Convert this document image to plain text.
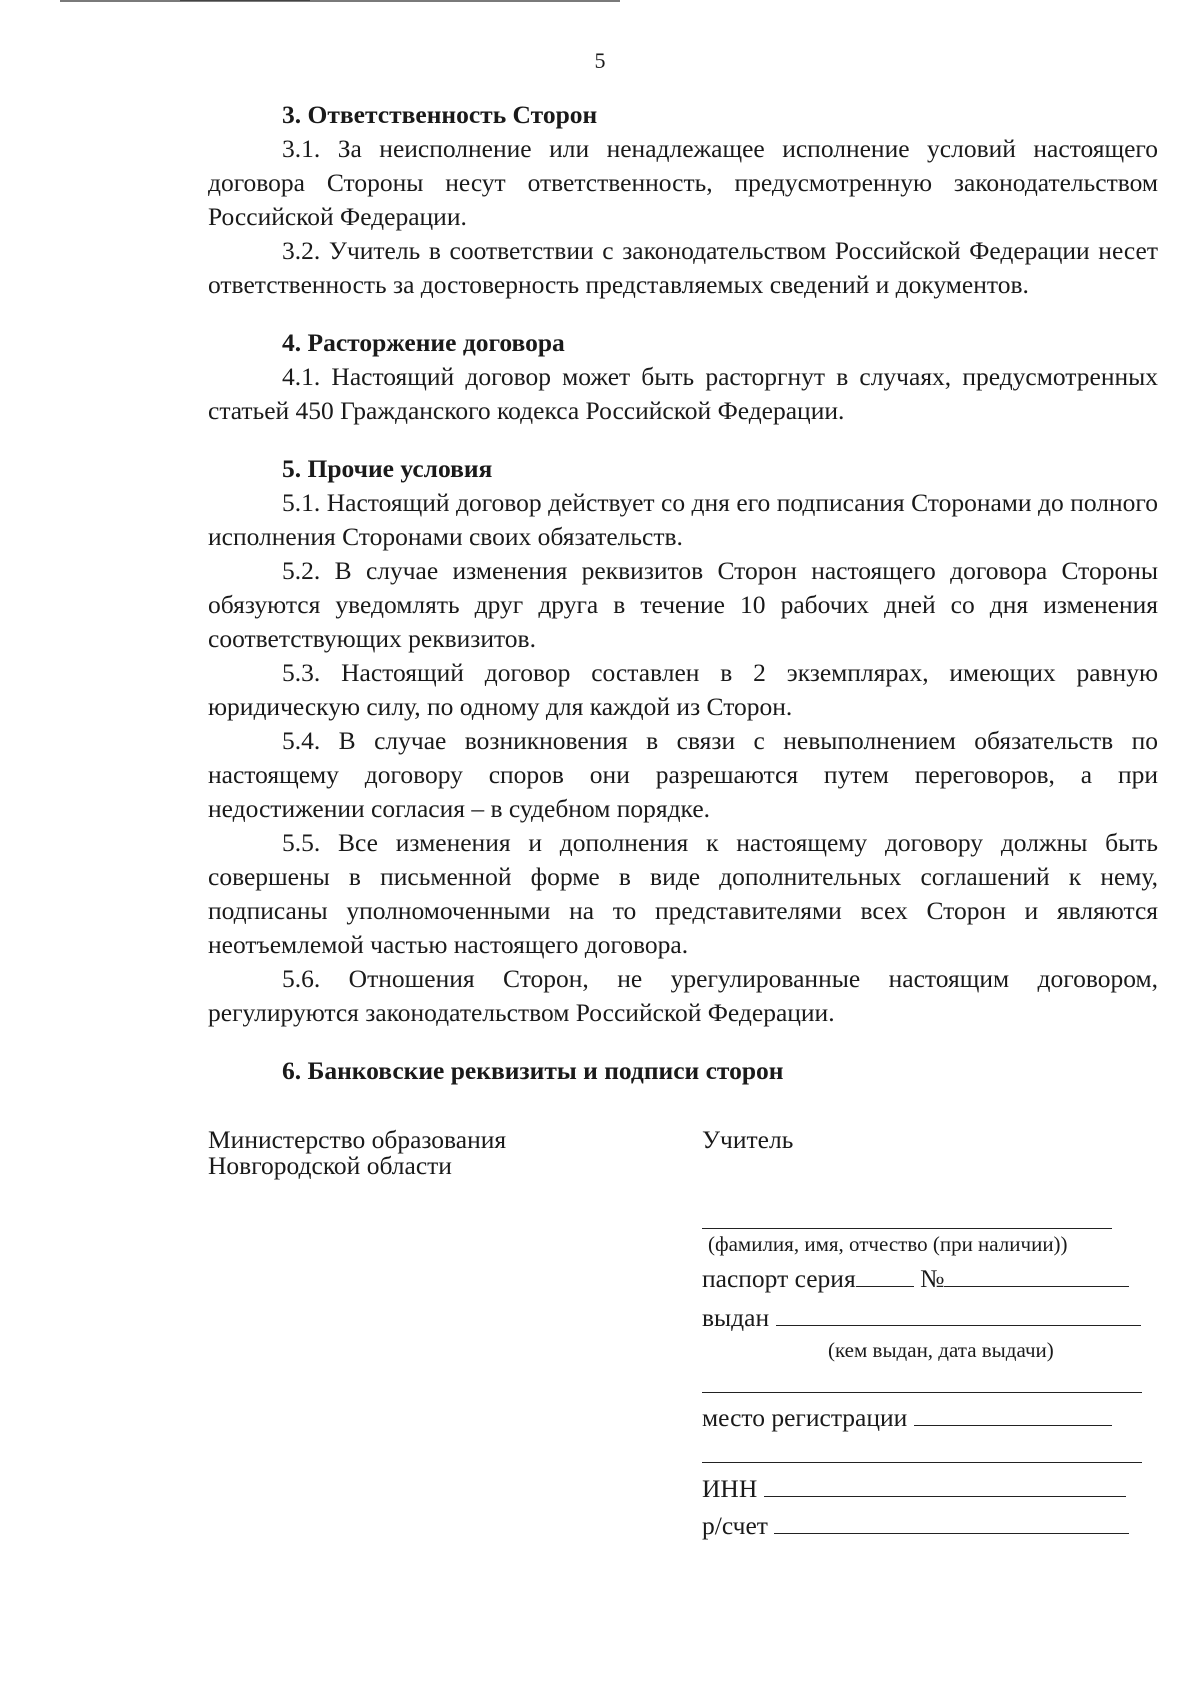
5

3. Ответственность Сторон

3.1. За неисполнение или ненадлежащее исполнение условий настоящего договора Стороны несут ответственность, предусмотренную законодательством Российской Федерации.

3.2. Учитель в соответствии с законодательством Российской Федерации несет ответственность за достоверность представляемых сведений и документов.

4. Расторжение договора

4.1. Настоящий договор может быть расторгнут в случаях, предусмотренных статьей 450 Гражданского кодекса Российской Федерации.

5. Прочие условия

5.1. Настоящий договор действует со дня его подписания Сторонами до полного исполнения Сторонами своих обязательств.

5.2. В случае изменения реквизитов Сторон настоящего договора Стороны обязуются уведомлять друг друга в течение 10 рабочих дней со дня изменения соответствующих реквизитов.

5.3. Настоящий договор составлен в 2 экземплярах, имеющих равную юридическую силу, по одному для каждой из Сторон.

5.4. В случае возникновения в связи с невыполнением обязательств по настоящему договору споров они разрешаются путем переговоров, а при недостижении согласия – в судебном порядке.

5.5. Все изменения и дополнения к настоящему договору должны быть совершены в письменной форме в виде дополнительных соглашений к нему, подписаны уполномоченными на то представителями всех Сторон и являются неотъемлемой частью настоящего договора.

5.6. Отношения Сторон, не урегулированные настоящим договором, регулируются законодательством Российской Федерации.

6. Банковские реквизиты и подписи сторон

Министерство образования
Новгородской области
Учитель
(фамилия, имя, отчество (при наличии))
паспорт серия	№
выдан
(кем выдан, дата выдачи)
место регистрации
ИНН
р/счет
